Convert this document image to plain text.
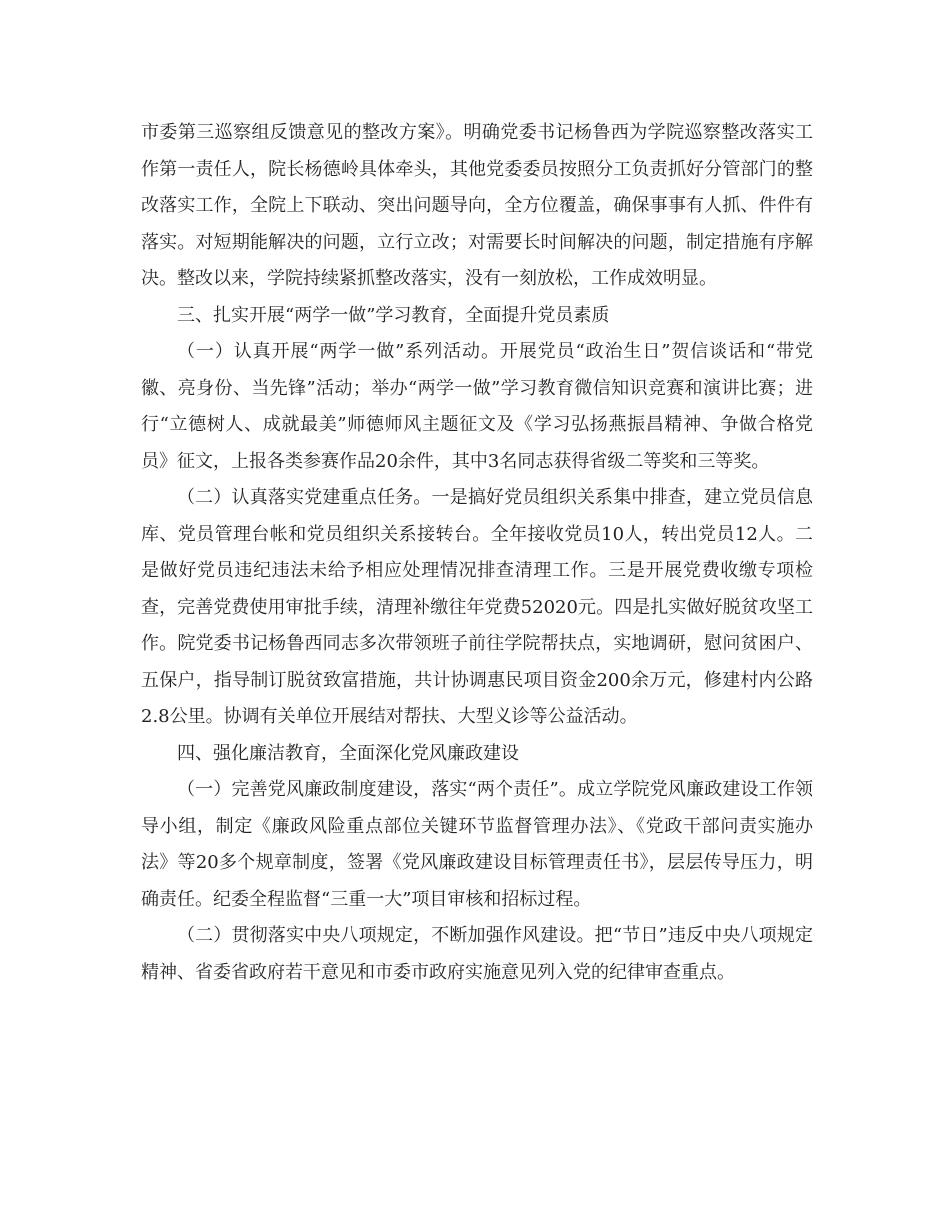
市委第三巡察组反馈意见的整改方案》。明确党委书记杨鲁西为学院巡察整改落实工作第一责任人，院长杨德岭具体牵头，其他党委委员按照分工负责抓好分管部门的整改落实工作，全院上下联动、突出问题导向，全方位覆盖，确保事事有人抓、件件有落实。对短期能解决的问题，立行立改；对需要长时间解决的问题，制定措施有序解决。整改以来，学院持续紧抓整改落实，没有一刻放松，工作成效明显。

三、扎实开展“两学一做”学习教育，全面提升党员素质

（一）认真开展“两学一做”系列活动。开展党员“政治生日”贺信谈话和“带党徽、亮身份、当先锋”活动；举办“两学一做”学习教育微信知识竞赛和演讲比赛；进行“立德树人、成就最美”师德师风主题征文及《学习弘扬燕振昌精神、争做合格党员》征文，上报各类参赛作品20余件，其中3名同志获得省级二等奖和三等奖。

（二）认真落实党建重点任务。一是搞好党员组织关系集中排查，建立党员信息库、党员管理台帐和党员组织关系接转台。全年接收党员10人，转出党员12人。二是做好党员违纪违法未给予相应处理情况排查清理工作。三是开展党费收缴专项检查，完善党费使用审批手续，清理补缴往年党费52020元。四是扎实做好脱贫攻坚工作。院党委书记杨鲁西同志多次带领班子前往学院帮扶点，实地调研，慰问贫困户、五保户，指导制订脱贫致富措施，共计协调惠民项目资金200余万元，修建村内公路2.8公里。协调有关单位开展结对帮扶、大型义诊等公益活动。

四、强化廉洁教育，全面深化党风廉政建设

（一）完善党风廉政制度建设，落实“两个责任”。成立学院党风廉政建设工作领导小组，制定《廉政风险重点部位关键环节监督管理办法》、《党政干部问责实施办法》等20多个规章制度，签署《党风廉政建设目标管理责任书》，层层传导压力，明确责任。纪委全程监督“三重一大”项目审核和招标过程。

（二）贯彻落实中央八项规定，不断加强作风建设。把“节日”违反中央八项规定精神、省委省政府若干意见和市委市政府实施意见列入党的纪律审查重点。
